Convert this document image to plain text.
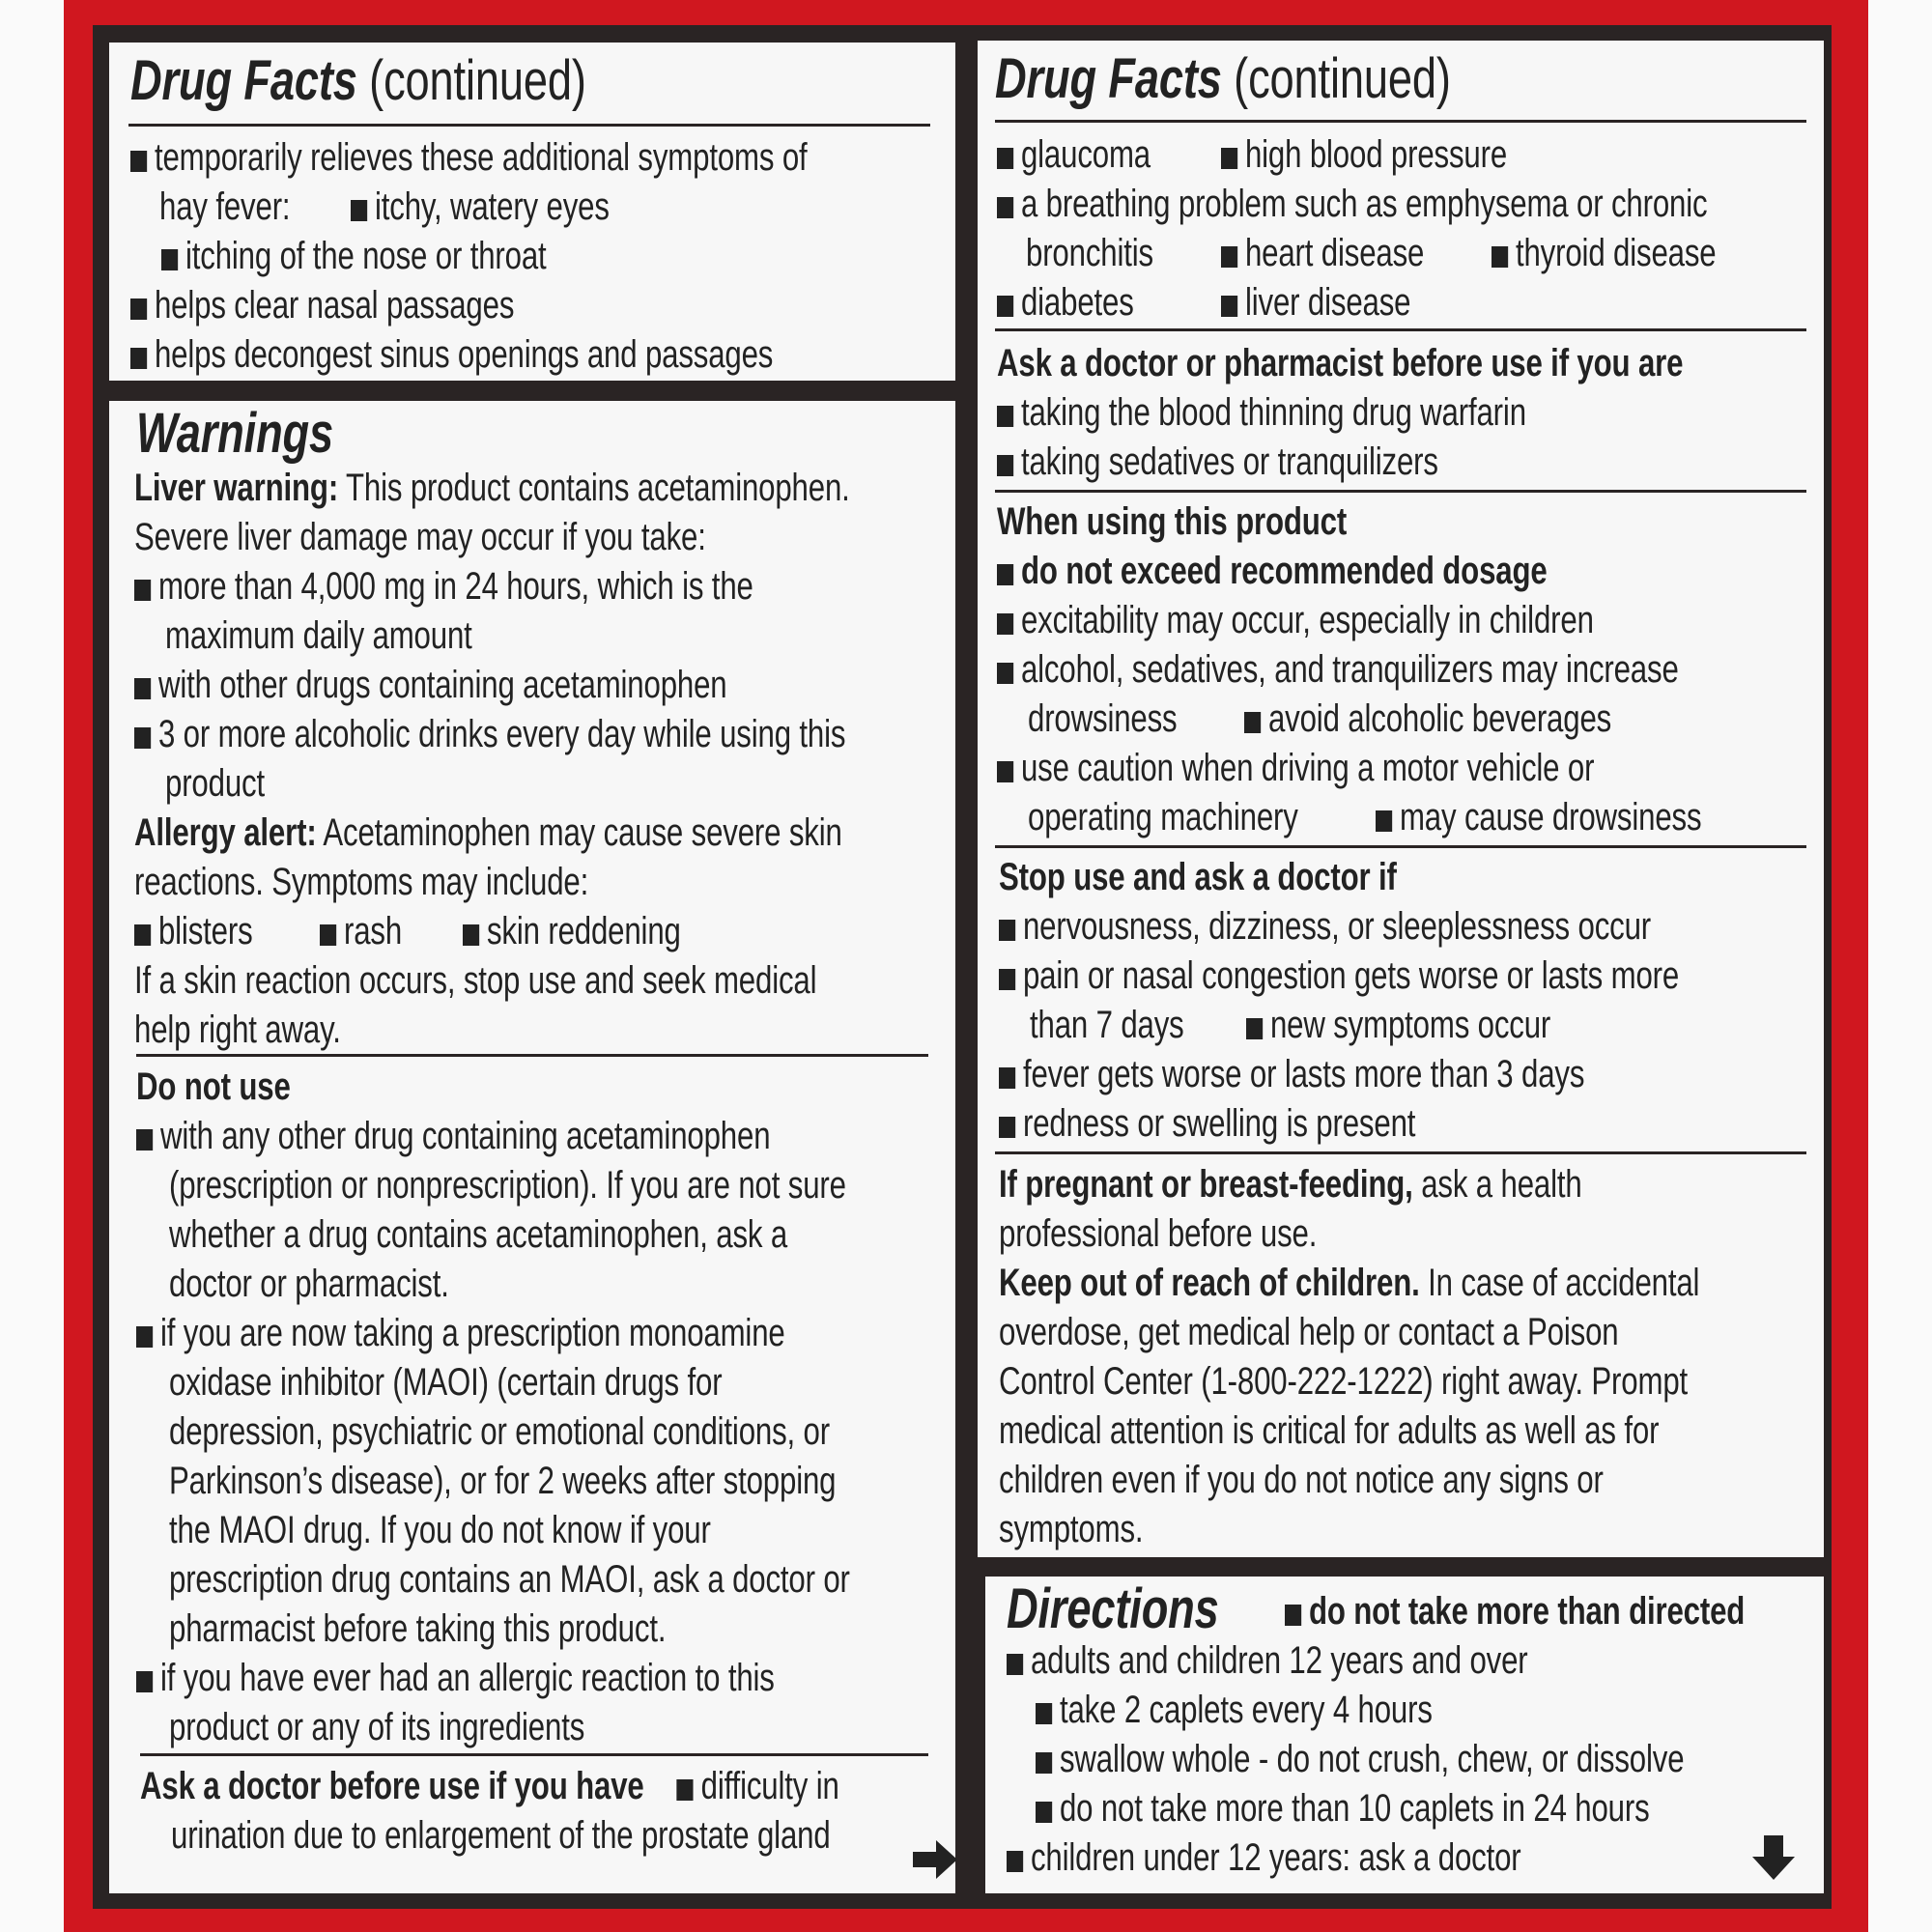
Drug Facts (continued)
temporarily relieves these additional symptoms of
hay fever:	itchy, watery eyes
itching of the nose or throat
helps clear nasal passages
helps decongest sinus openings and passages
Warnings
Liver warning: This product contains acetaminophen.
Severe liver damage may occur if you take:
more than 4,000 mg in 24 hours, which is the
maximum daily amount
with other drugs containing acetaminophen
3 or more alcoholic drinks every day while using this
product
Allergy alert: Acetaminophen may cause severe skin
reactions. Symptoms may include:
blisters	rash	skin reddening
If a skin reaction occurs, stop use and seek medical
help right away.
Do not use
with any other drug containing acetaminophen
(prescription or nonprescription). If you are not sure
whether a drug contains acetaminophen, ask a
doctor or pharmacist.
if you are now taking a prescription monoamine
oxidase inhibitor (MAOI) (certain drugs for
depression, psychiatric or emotional conditions, or
Parkinson’s disease), or for 2 weeks after stopping
the MAOI drug. If you do not know if your
prescription drug contains an MAOI, ask a doctor or
pharmacist before taking this product.
if you have ever had an allergic reaction to this
product or any of its ingredients
Ask a doctor before use if you have difficulty in
urination due to enlargement of the prostate gland
Drug Facts (continued)
glaucoma	high blood pressure
a breathing problem such as emphysema or chronic
bronchitis	heart disease	thyroid disease
diabetes	liver disease
Ask a doctor or pharmacist before use if you are
taking the blood thinning drug warfarin
taking sedatives or tranquilizers
When using this product
do not exceed recommended dosage
excitability may occur, especially in children
alcohol, sedatives, and tranquilizers may increase
drowsiness	avoid alcoholic beverages
use caution when driving a motor vehicle or
operating machinery	may cause drowsiness
Stop use and ask a doctor if
nervousness, dizziness, or sleeplessness occur
pain or nasal congestion gets worse or lasts more
than 7 days	new symptoms occur
fever gets worse or lasts more than 3 days
redness or swelling is present
If pregnant or breast-feeding, ask a health
professional before use.
Keep out of reach of children. In case of accidental
overdose, get medical help or contact a Poison
Control Center (1-800-222-1222) right away. Prompt
medical attention is critical for adults as well as for
children even if you do not notice any signs or
symptoms.
Directions	do not take more than directed
adults and children 12 years and over
take 2 caplets every 4 hours
swallow whole - do not crush, chew, or dissolve
do not take more than 10 caplets in 24 hours
children under 12 years: ask a doctor
